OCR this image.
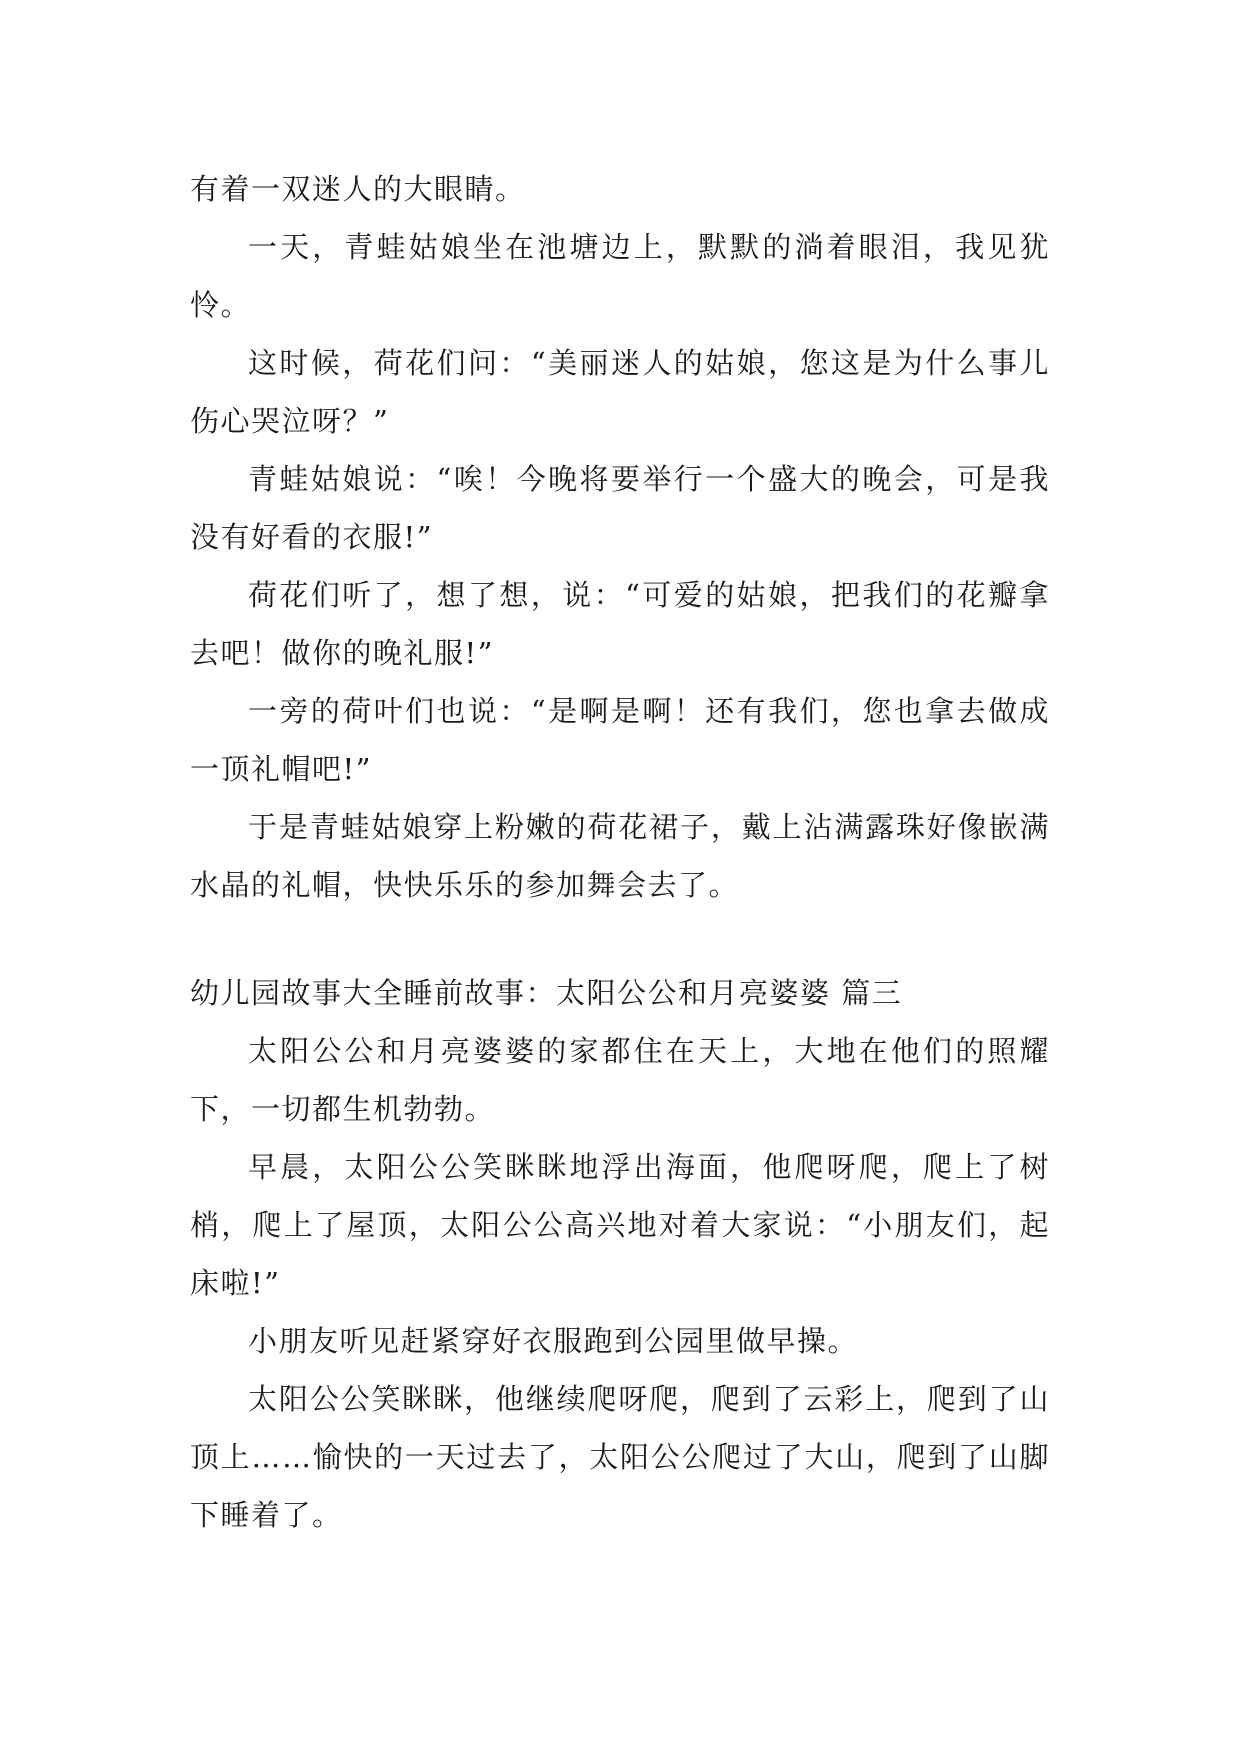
有着一双迷人的大眼睛。

一天，青蛙姑娘坐在池塘边上，默默的淌着眼泪，我见犹怜。

这时候，荷花们问：“美丽迷人的姑娘，您这是为什么事儿伤心哭泣呀？”

青蛙姑娘说：“唉！今晚将要举行一个盛大的晚会，可是我没有好看的衣服!”

荷花们听了，想了想，说：“可爱的姑娘，把我们的花瓣拿去吧！做你的晚礼服!”

一旁的荷叶们也说：“是啊是啊！还有我们，您也拿去做成一顶礼帽吧!”

于是青蛙姑娘穿上粉嫩的荷花裙子，戴上沾满露珠好像嵌满水晶的礼帽，快快乐乐的参加舞会去了。

幼儿园故事大全睡前故事：太阳公公和月亮婆婆 篇三

太阳公公和月亮婆婆的家都住在天上，大地在他们的照耀下，一切都生机勃勃。

早晨，太阳公公笑眯眯地浮出海面，他爬呀爬，爬上了树梢，爬上了屋顶，太阳公公高兴地对着大家说：“小朋友们，起床啦!”

小朋友听见赶紧穿好衣服跑到公园里做早操。

太阳公公笑眯眯，他继续爬呀爬，爬到了云彩上，爬到了山顶上……愉快的一天过去了，太阳公公爬过了大山，爬到了山脚下睡着了。
